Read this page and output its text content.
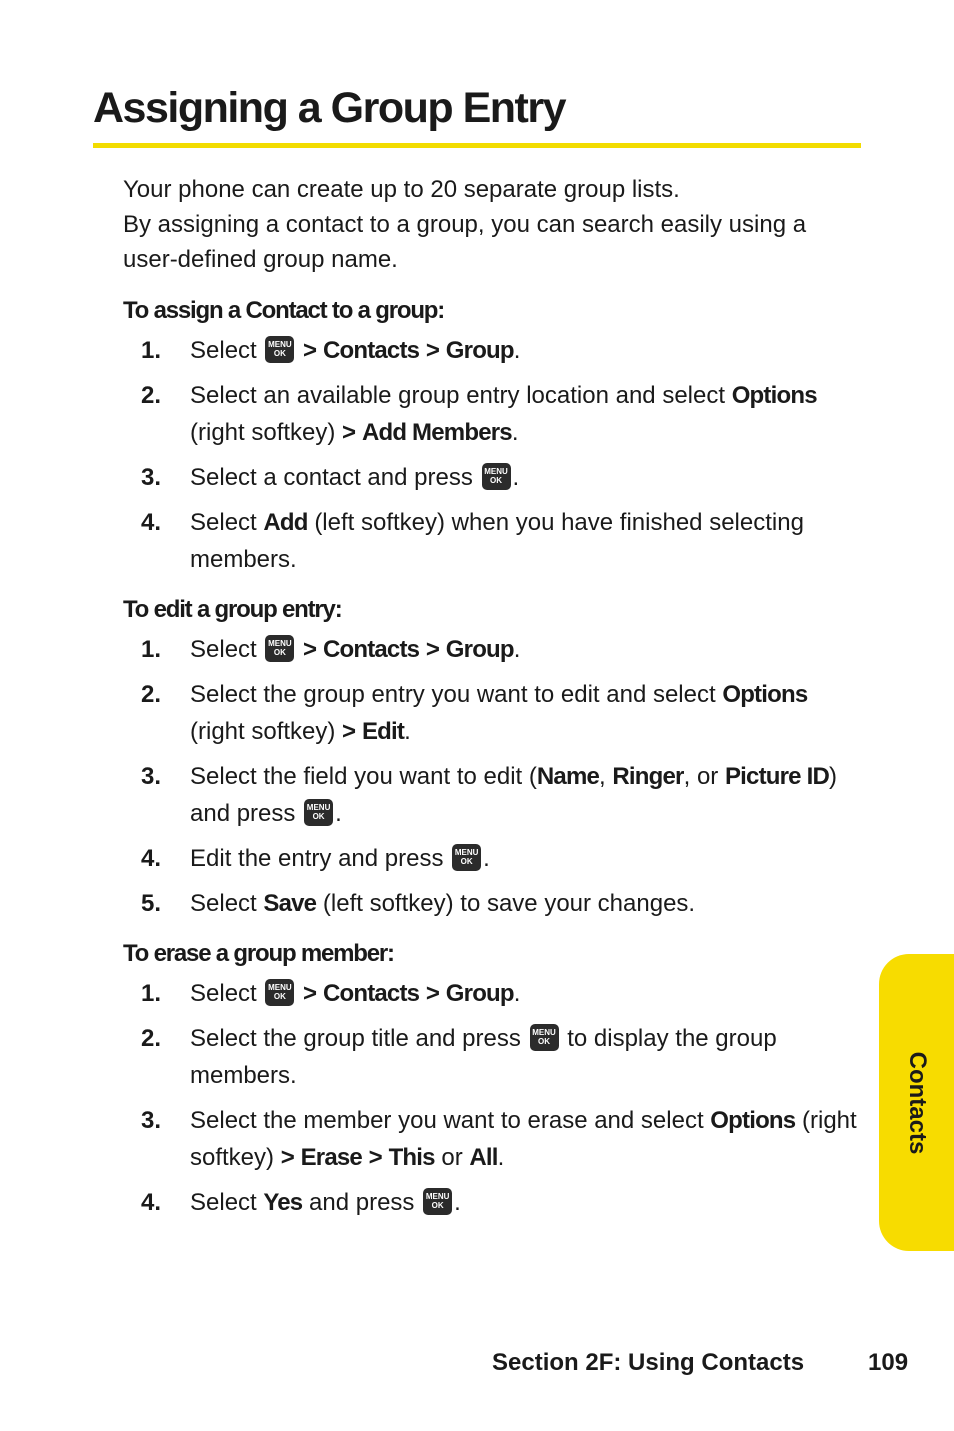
Assigning a Group Entry

Your phone can create up to 20 separate group lists.
By assigning a contact to a group, you can search easily using a user-defined group name.

To assign a Contact to a group:

1. Select	MENU
OK > Contacts > Group.
2. Select an available group entry location and select Options (right softkey) > Add Members.
3. Select a contact and press	MENU
OK .
4. Select Add (left softkey) when you have finished selecting members.

To edit a group entry:

1. Select	MENU
OK > Contacts > Group.
2. Select the group entry you want to edit and select Options (right softkey) > Edit.
3. Select the field you want to edit (Name, Ringer, or Picture ID) and press	MENU
OK .
4. Edit the entry and press	MENU
OK .
5. Select Save (left softkey) to save your changes.

To erase a group member:

1. Select	MENU
OK > Contacts > Group.
2. Select the group title and press	MENU
OK to display the group members.
3. Select the member you want to erase and select Options (right softkey) > Erase > This or All.
4. Select Yes and press	MENU
OK .
Contacts
Section 2F: Using Contacts	109
